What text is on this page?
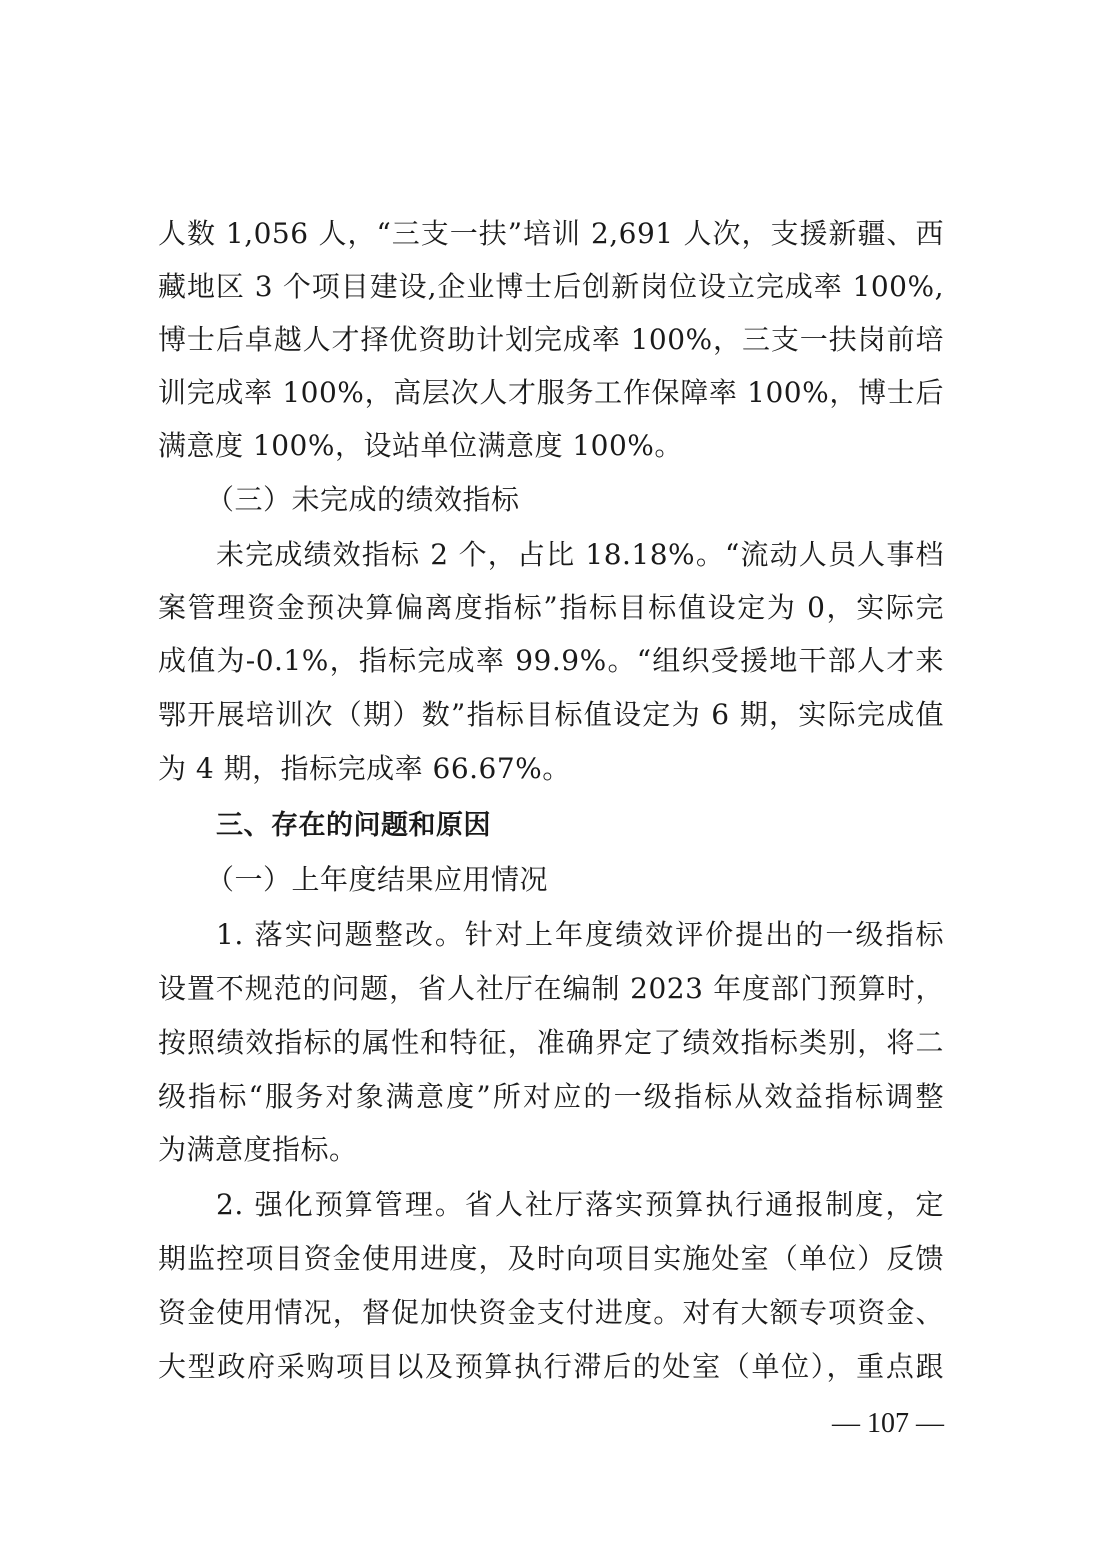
人数 1,056 人，“三支一扶”培训 2,691 人次，支援新疆、西
藏地区 3 个项目建设,企业博士后创新岗位设立完成率 100%,
博士后卓越人才择优资助计划完成率 100%，三支一扶岗前培
训完成率 100%，高层次人才服务工作保障率 100%，博士后
满意度 100%，设站单位满意度 100%。
（三）未完成的绩效指标
未完成绩效指标 2 个，占比 18.18%。“流动人员人事档
案管理资金预决算偏离度指标”指标目标值设定为 0，实际完
成值为-0.1%，指标完成率 99.9%。“组织受援地干部人才来
鄂开展培训次（期）数”指标目标值设定为 6 期，实际完成值
为 4 期，指标完成率 66.67%。
三、存在的问题和原因
（一）上年度结果应用情况
1. 落实问题整改。针对上年度绩效评价提出的一级指标
设置不规范的问题，省人社厅在编制 2023 年度部门预算时，
按照绩效指标的属性和特征，准确界定了绩效指标类别，将二
级指标“服务对象满意度”所对应的一级指标从效益指标调整
为满意度指标。
2. 强化预算管理。省人社厅落实预算执行通报制度，定
期监控项目资金使用进度，及时向项目实施处室（单位）反馈
资金使用情况，督促加快资金支付进度。对有大额专项资金、
大型政府采购项目以及预算执行滞后的处室（单位），重点跟
— 107 —
